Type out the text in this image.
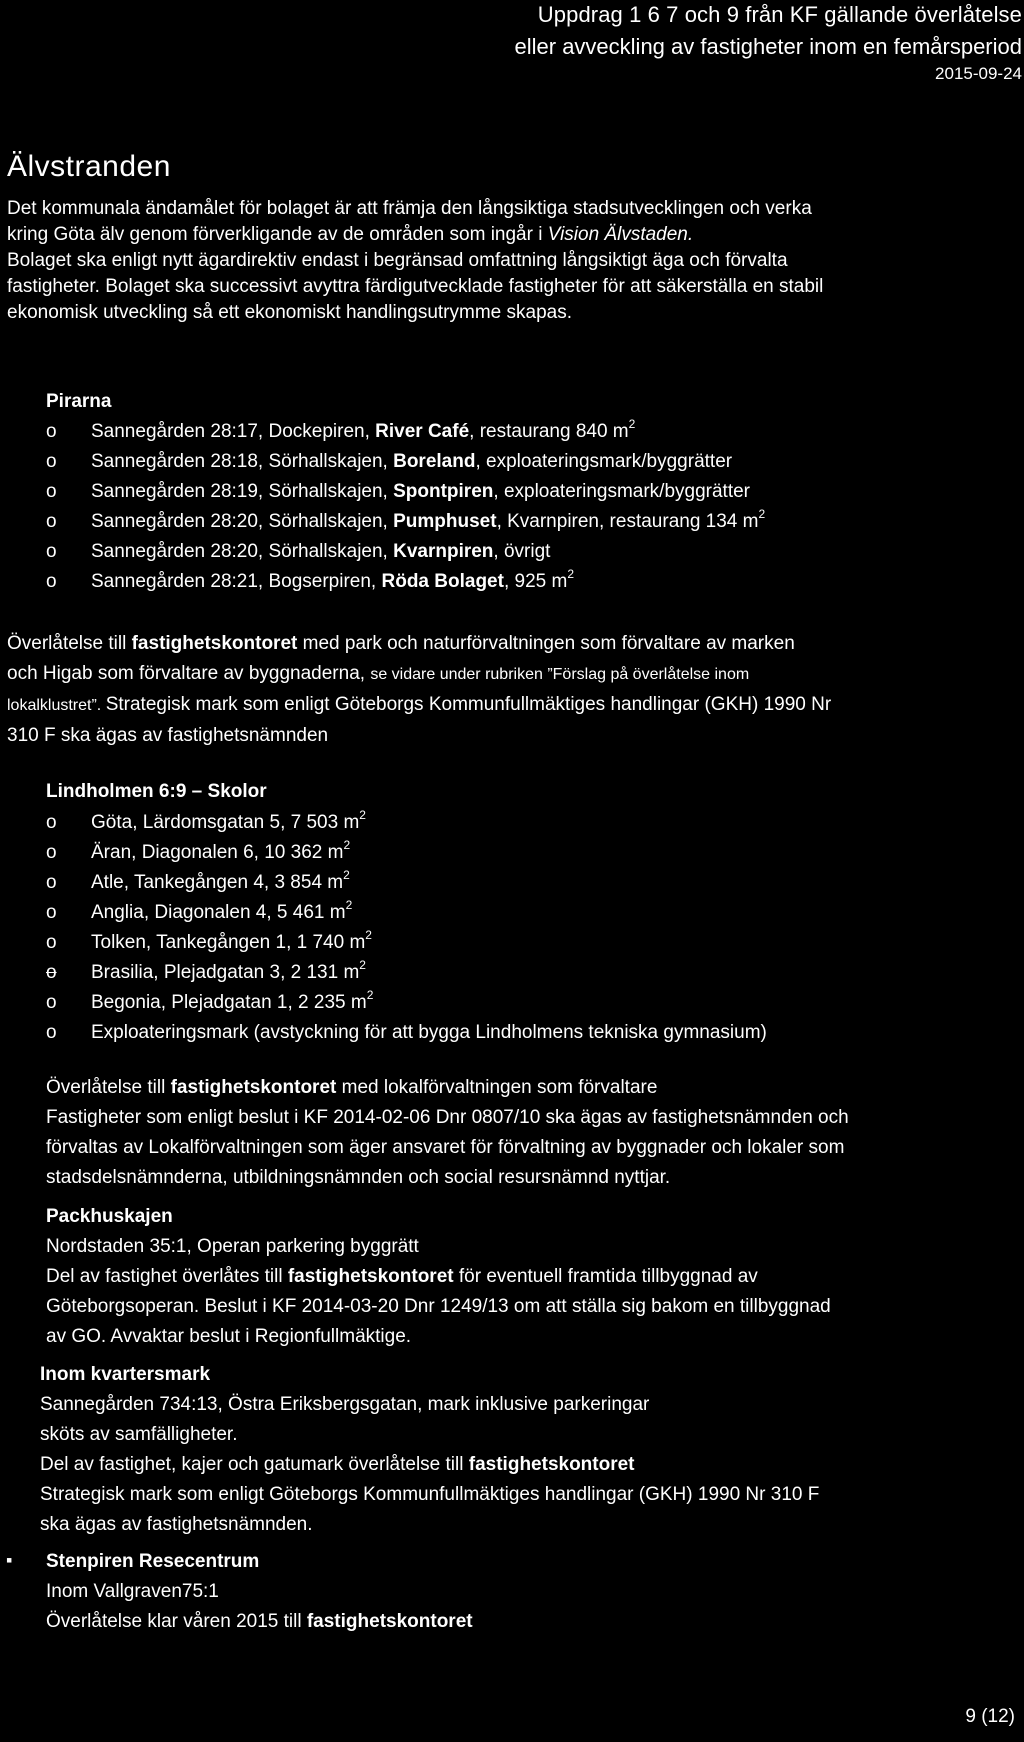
Uppdrag 1 6 7 och 9 från KF gällande överlåtelse
eller avveckling av fastigheter inom en femårsperiod
2015-09-24
Älvstranden
Det kommunala ändamålet för bolaget är att främja den långsiktiga stadsutvecklingen och verka
kring Göta älv genom förverkligande av de områden som ingår i Vision Älvstaden.
Bolaget ska enligt nytt ägardirektiv endast i begränsad omfattning långsiktigt äga och förvalta
fastigheter. Bolaget ska successivt avyttra färdigutvecklade fastigheter för att säkerställa en stabil
ekonomisk utveckling så ett ekonomiskt handlingsutrymme skapas.
Pirarna
o Sannegården 28:17, Dockepiren, River Café, restaurang 840 $m^2$
o Sannegården 28:18, Sörhallskajen, Boreland, exploateringsmark/byggrätter
o Sannegården 28:19, Sörhallskajen, Spontpiren, exploateringsmark/byggrätter
o Sannegården 28:20, Sörhallskajen, Pumphuset, Kvarnpiren, restaurang 134 $m^2$
o Sannegården 28:20, Sörhallskajen, Kvarnpiren, övrigt
o Sannegården 28:21, Bogserpiren, Röda Bolaget, 925 $m^2$
Överlåtelse till fastighetskontoret med park och naturförvaltningen som förvaltare av marken
och Higab som förvaltare av byggnaderna, se vidare under rubriken ”Förslag på överlåtelse inom
lokalklustret”. Strategisk mark som enligt Göteborgs Kommunfullmäktiges handlingar (GKH) 1990 Nr
310 F ska ägas av fastighetsnämnden
Lindholmen 6:9 – Skolor
o Göta, Lärdomsgatan 5, 7 503 $m^2$
o Äran, Diagonalen 6, 10 362 $m^2$
o Atle, Tankegången 4, 3 854 $m^2$
o Anglia, Diagonalen 4, 5 461 $m^2$
o Tolken, Tankegången 1, 1 740 $m^2$
o Brasilia, Plejadgatan 3, 2 131 $m^2$
o Begonia, Plejadgatan 1, 2 235 $m^2$
o Exploateringsmark (avstyckning för att bygga Lindholmens tekniska gymnasium)
Överlåtelse till fastighetskontoret med lokalförvaltningen som förvaltare
Fastigheter som enligt beslut i KF 2014-02-06 Dnr 0807/10 ska ägas av fastighetsnämnden och
förvaltas av Lokalförvaltningen som äger ansvaret för förvaltning av byggnader och lokaler som
stadsdelsnämnderna, utbildningsnämnden och social resursnämnd nyttjar.
Packhuskajen
Nordstaden 35:1, Operan parkering byggrätt
Del av fastighet överlåtes till fastighetskontoret för eventuell framtida tillbyggnad av
Göteborgsoperan. Beslut i KF 2014-03-20 Dnr 1249/13 om att ställa sig bakom en tillbyggnad
av GO. Avvaktar beslut i Regionfullmäktige.
Inom kvartersmark
Sannegården 734:13, Östra Eriksbergsgatan, mark inklusive parkeringar
sköts av samfälligheter.
Del av fastighet, kajer och gatumark överlåtelse till fastighetskontoret
Strategisk mark som enligt Göteborgs Kommunfullmäktiges handlingar (GKH) 1990 Nr 310 F
ska ägas av fastighetsnämnden.
▪ Stenpiren Resecentrum
Inom Vallgraven75:1
Överlåtelse klar våren 2015 till fastighetskontoret
9 (12)
